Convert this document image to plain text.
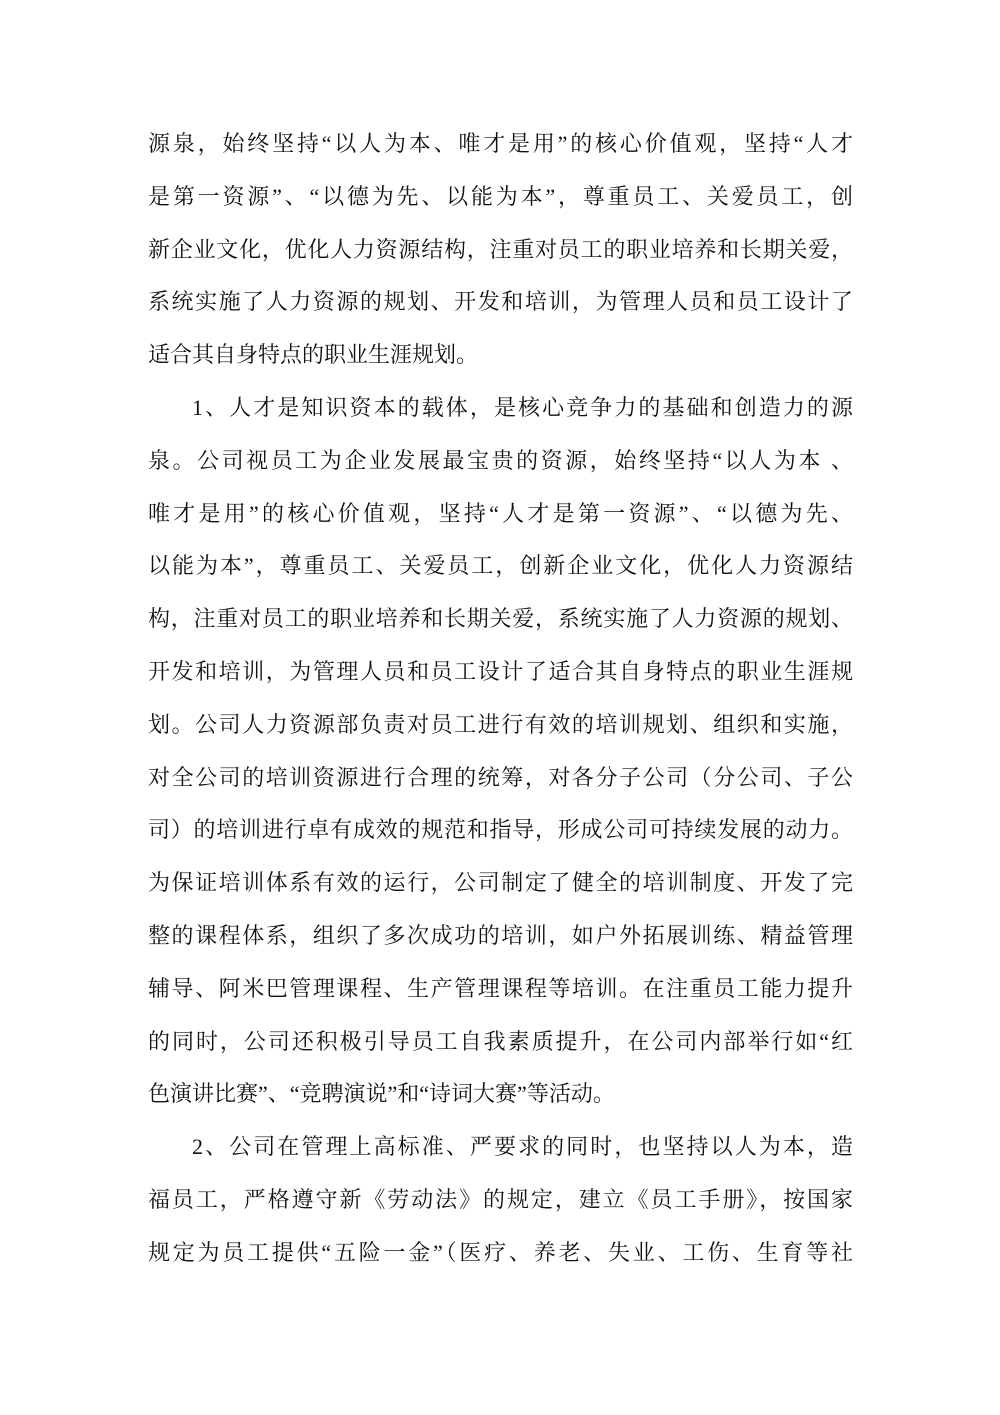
源泉，始终坚持“以人为本、唯才是用”的核心价值观，坚持“人才
是第一资源”、“以德为先、以能为本”，尊重员工、关爱员工，创
新企业文化，优化人力资源结构，注重对员工的职业培养和长期关爱，
系统实施了人力资源的规划、开发和培训，为管理人员和员工设计了
适合其自身特点的职业生涯规划。

1、人才是知识资本的载体，是核心竞争力的基础和创造力的源
泉。公司视员工为企业发展最宝贵的资源，始终坚持“以人为本 、
唯才是用”的核心价值观，坚持“人才是第一资源”、“以德为先、
以能为本”，尊重员工、关爱员工，创新企业文化，优化人力资源结
构，注重对员工的职业培养和长期关爱，系统实施了人力资源的规划、
开发和培训，为管理人员和员工设计了适合其自身特点的职业生涯规
划。公司人力资源部负责对员工进行有效的培训规划、组织和实施，
对全公司的培训资源进行合理的统筹，对各分子公司（分公司、子公
司）的培训进行卓有成效的规范和指导，形成公司可持续发展的动力。
为保证培训体系有效的运行，公司制定了健全的培训制度、开发了完
整的课程体系，组织了多次成功的培训，如户外拓展训练、精益管理
辅导、阿米巴管理课程、生产管理课程等培训。在注重员工能力提升
的同时，公司还积极引导员工自我素质提升，在公司内部举行如“红
色演讲比赛”、“竞聘演说”和“诗词大赛”等活动。

2、公司在管理上高标准、严要求的同时，也坚持以人为本，造
福员工，严格遵守新《劳动法》的规定，建立《员工手册》，按国家
规定为员工提供“五险一金”（医疗、养老、失业、工伤、生育等社
